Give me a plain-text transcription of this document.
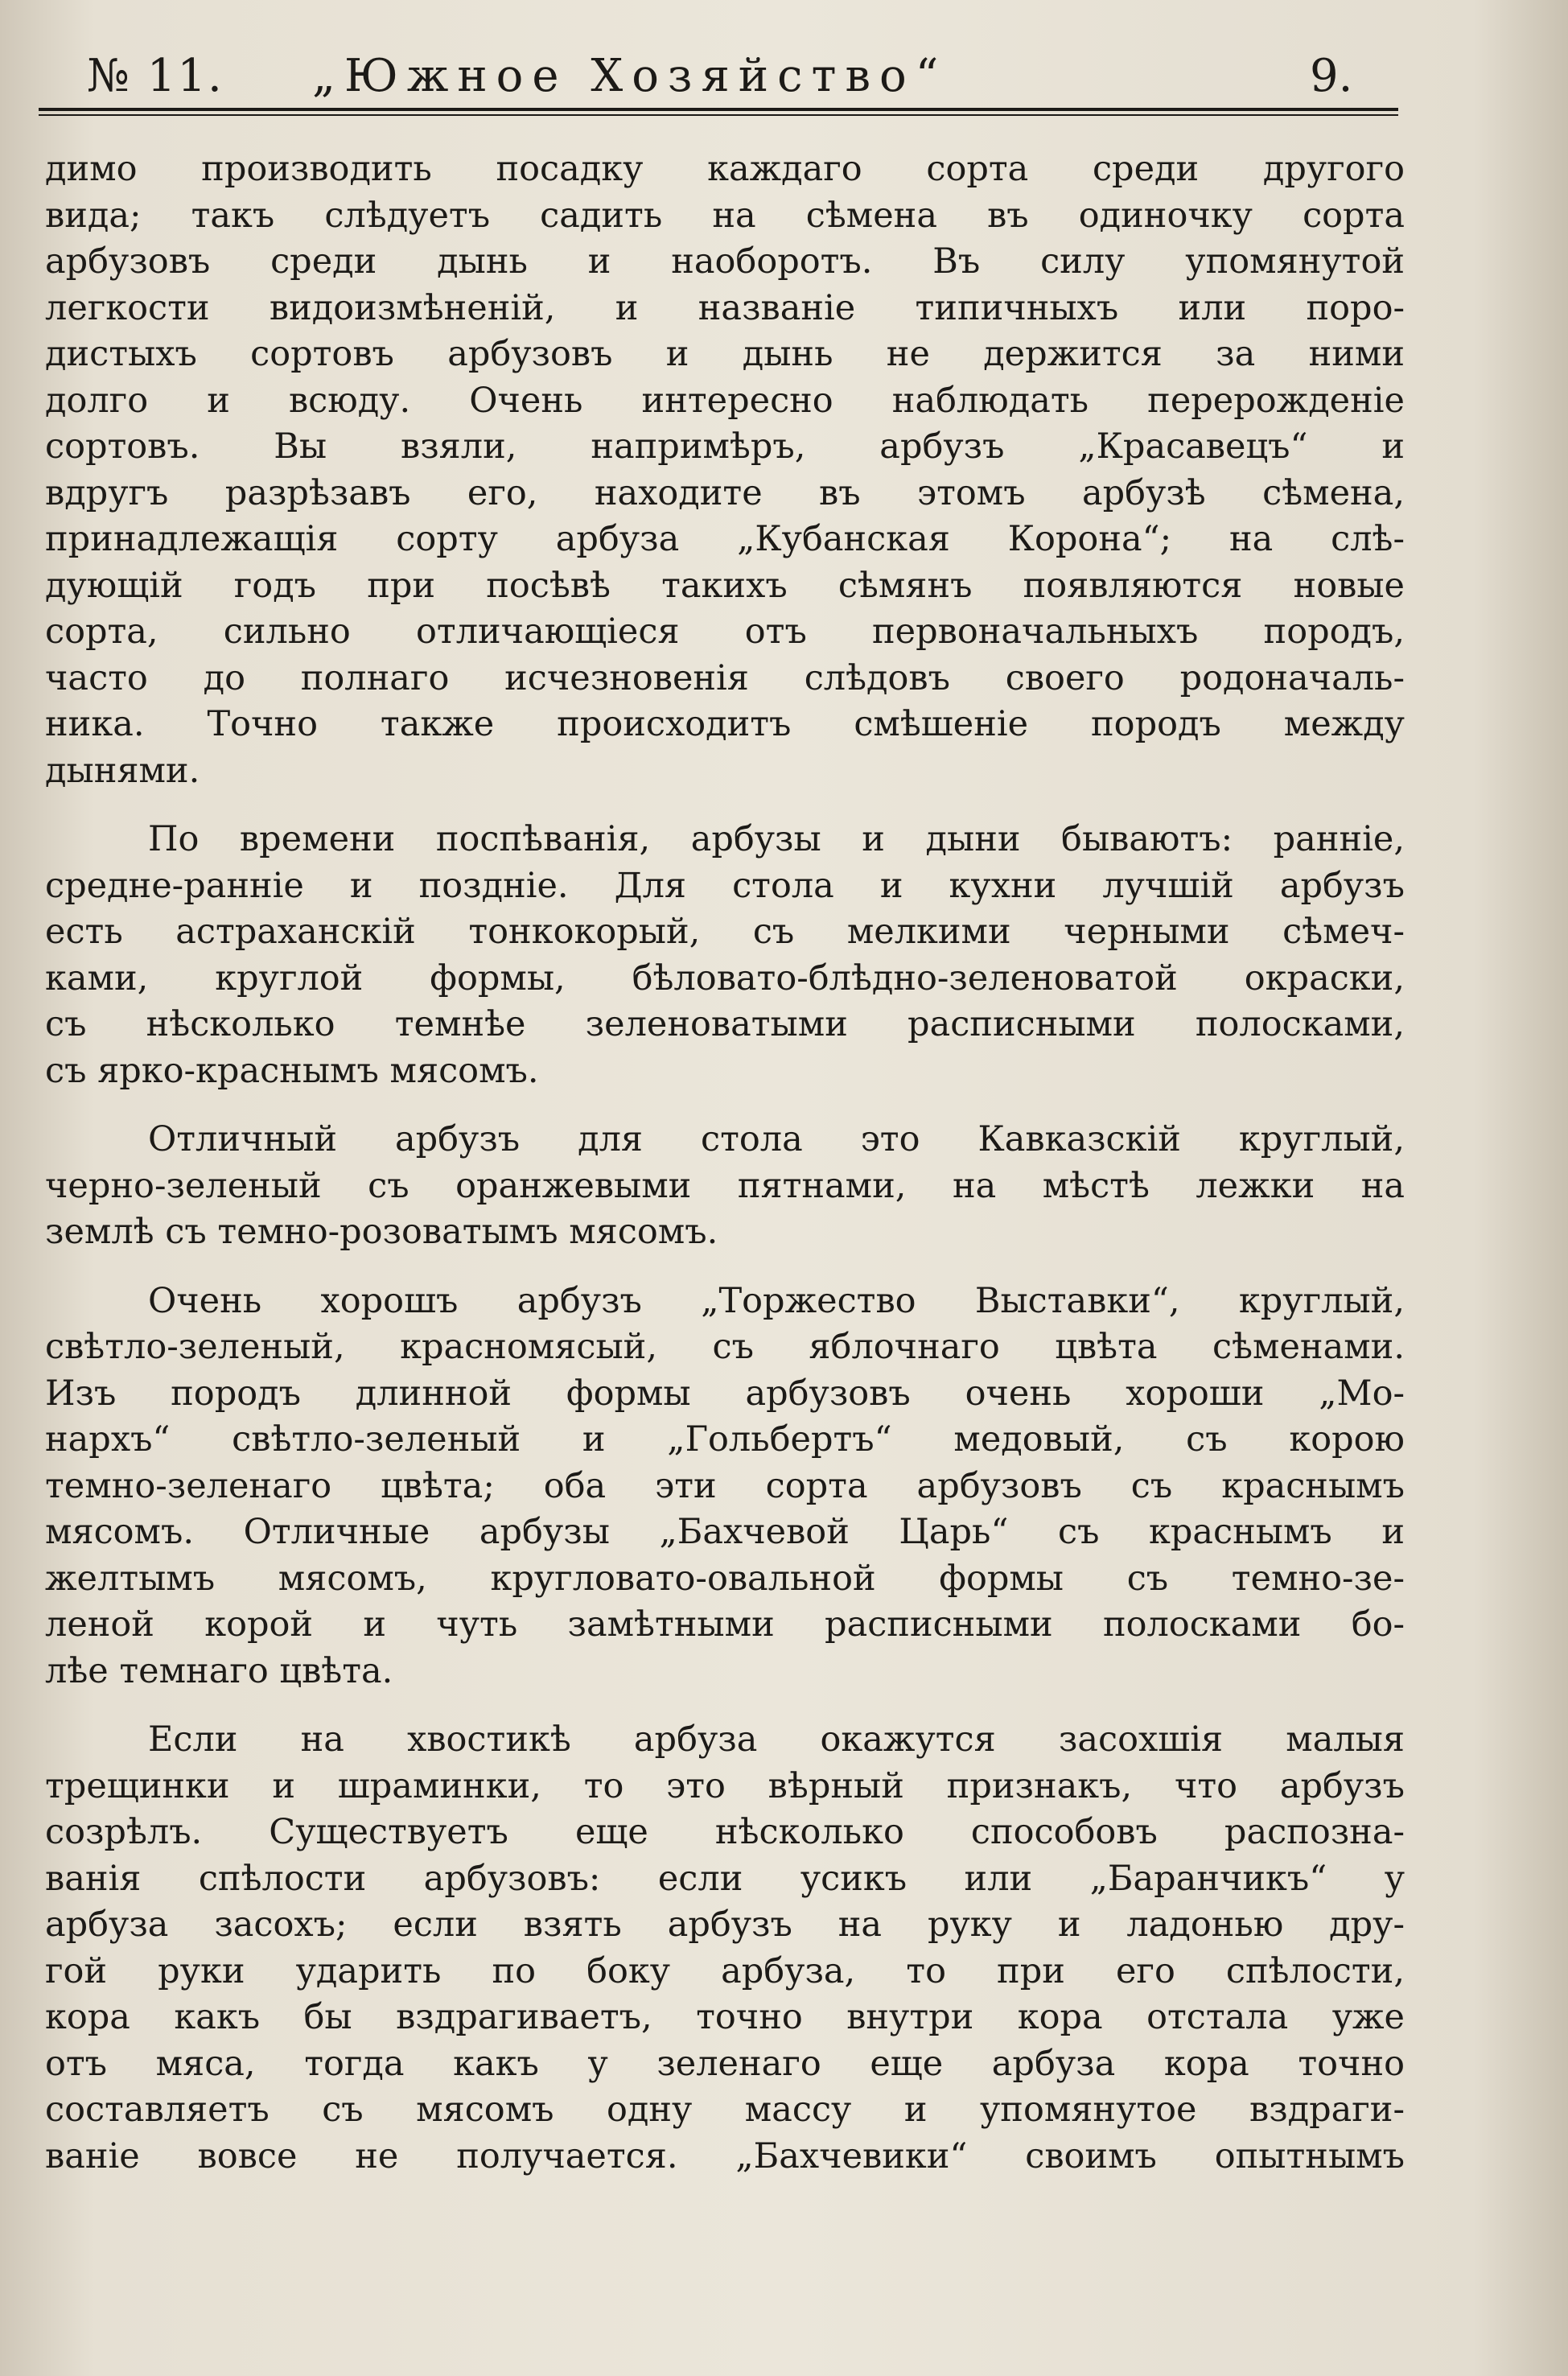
№ 11. „Южное Хозяйство“	9.
димо производить посадку каждаго сорта среди другого
вида; такъ слѣдуетъ садить на сѣмена въ одиночку сорта
арбузовъ среди дынь и наоборотъ. Въ силу упомянутой
легкости видоизмѣненій, и названіе типичныхъ или поро-
дистыхъ сортовъ арбузовъ и дынь не держится за ними
долго и всюду. Очень интересно наблюдать перерожденіе
сортовъ. Вы взяли, напримѣръ, арбузъ „Красавецъ“ и
вдругъ разрѣзавъ его, находите въ этомъ арбузѣ сѣмена,
принадлежащія сорту арбуза „Кубанская Корона“; на слѣ-
дующій годъ при посѣвѣ такихъ сѣмянъ появляются новые
сорта, сильно отличающіеся отъ первоначальныхъ породъ,
часто до полнаго исчезновенія слѣдовъ своего родоначаль-
ника. Точно также происходитъ смѣшеніе породъ между
дынями.
По времени поспѣванія, арбузы и дыни бываютъ: ранніе,
средне-ранніе и поздніе. Для стола и кухни лучшій арбузъ
есть астраханскій тонкокорый, съ мелкими черными сѣмеч-
ками, круглой формы, бѣловато-блѣдно-зеленоватой окраски,
съ нѣсколько темнѣе зеленоватыми расписными полосками,
съ ярко-краснымъ мясомъ.
Отличный арбузъ для стола это Кавказскій круглый,
черно-зеленый съ оранжевыми пятнами, на мѣстѣ лежки на
землѣ съ темно-розоватымъ мясомъ.
Очень хорошъ арбузъ „Торжество Выставки“, круглый,
свѣтло-зеленый, красномясый, съ яблочнаго цвѣта сѣменами.
Изъ породъ длинной формы арбузовъ очень хороши „Мо-
нархъ“ свѣтло-зеленый и „Гольбертъ“ медовый, съ корою
темно-зеленаго цвѣта; оба эти сорта арбузовъ съ краснымъ
мясомъ. Отличные арбузы „Бахчевой Царь“ съ краснымъ и
желтымъ мясомъ, кругловато-овальной формы съ темно-зе-
леной корой и чуть замѣтными расписными полосками бо-
лѣе темнаго цвѣта.
Если на хвостикѣ арбуза окажутся засохшія малыя
трещинки и шраминки, то это вѣрный признакъ, что арбузъ
созрѣлъ. Существуетъ еще нѣсколько способовъ распозна-
ванія спѣлости арбузовъ: если усикъ или „Баранчикъ“ у
арбуза засохъ; если взять арбузъ на руку и ладонью дру-
гой руки ударить по боку арбуза, то при его спѣлости,
кора какъ бы вздрагиваетъ, точно внутри кора отстала уже
отъ мяса, тогда какъ у зеленаго еще арбуза кора точно
составляетъ съ мясомъ одну массу и упомянутое вздраги-
ваніе вовсе не получается. „Бахчевики“ своимъ опытнымъ
